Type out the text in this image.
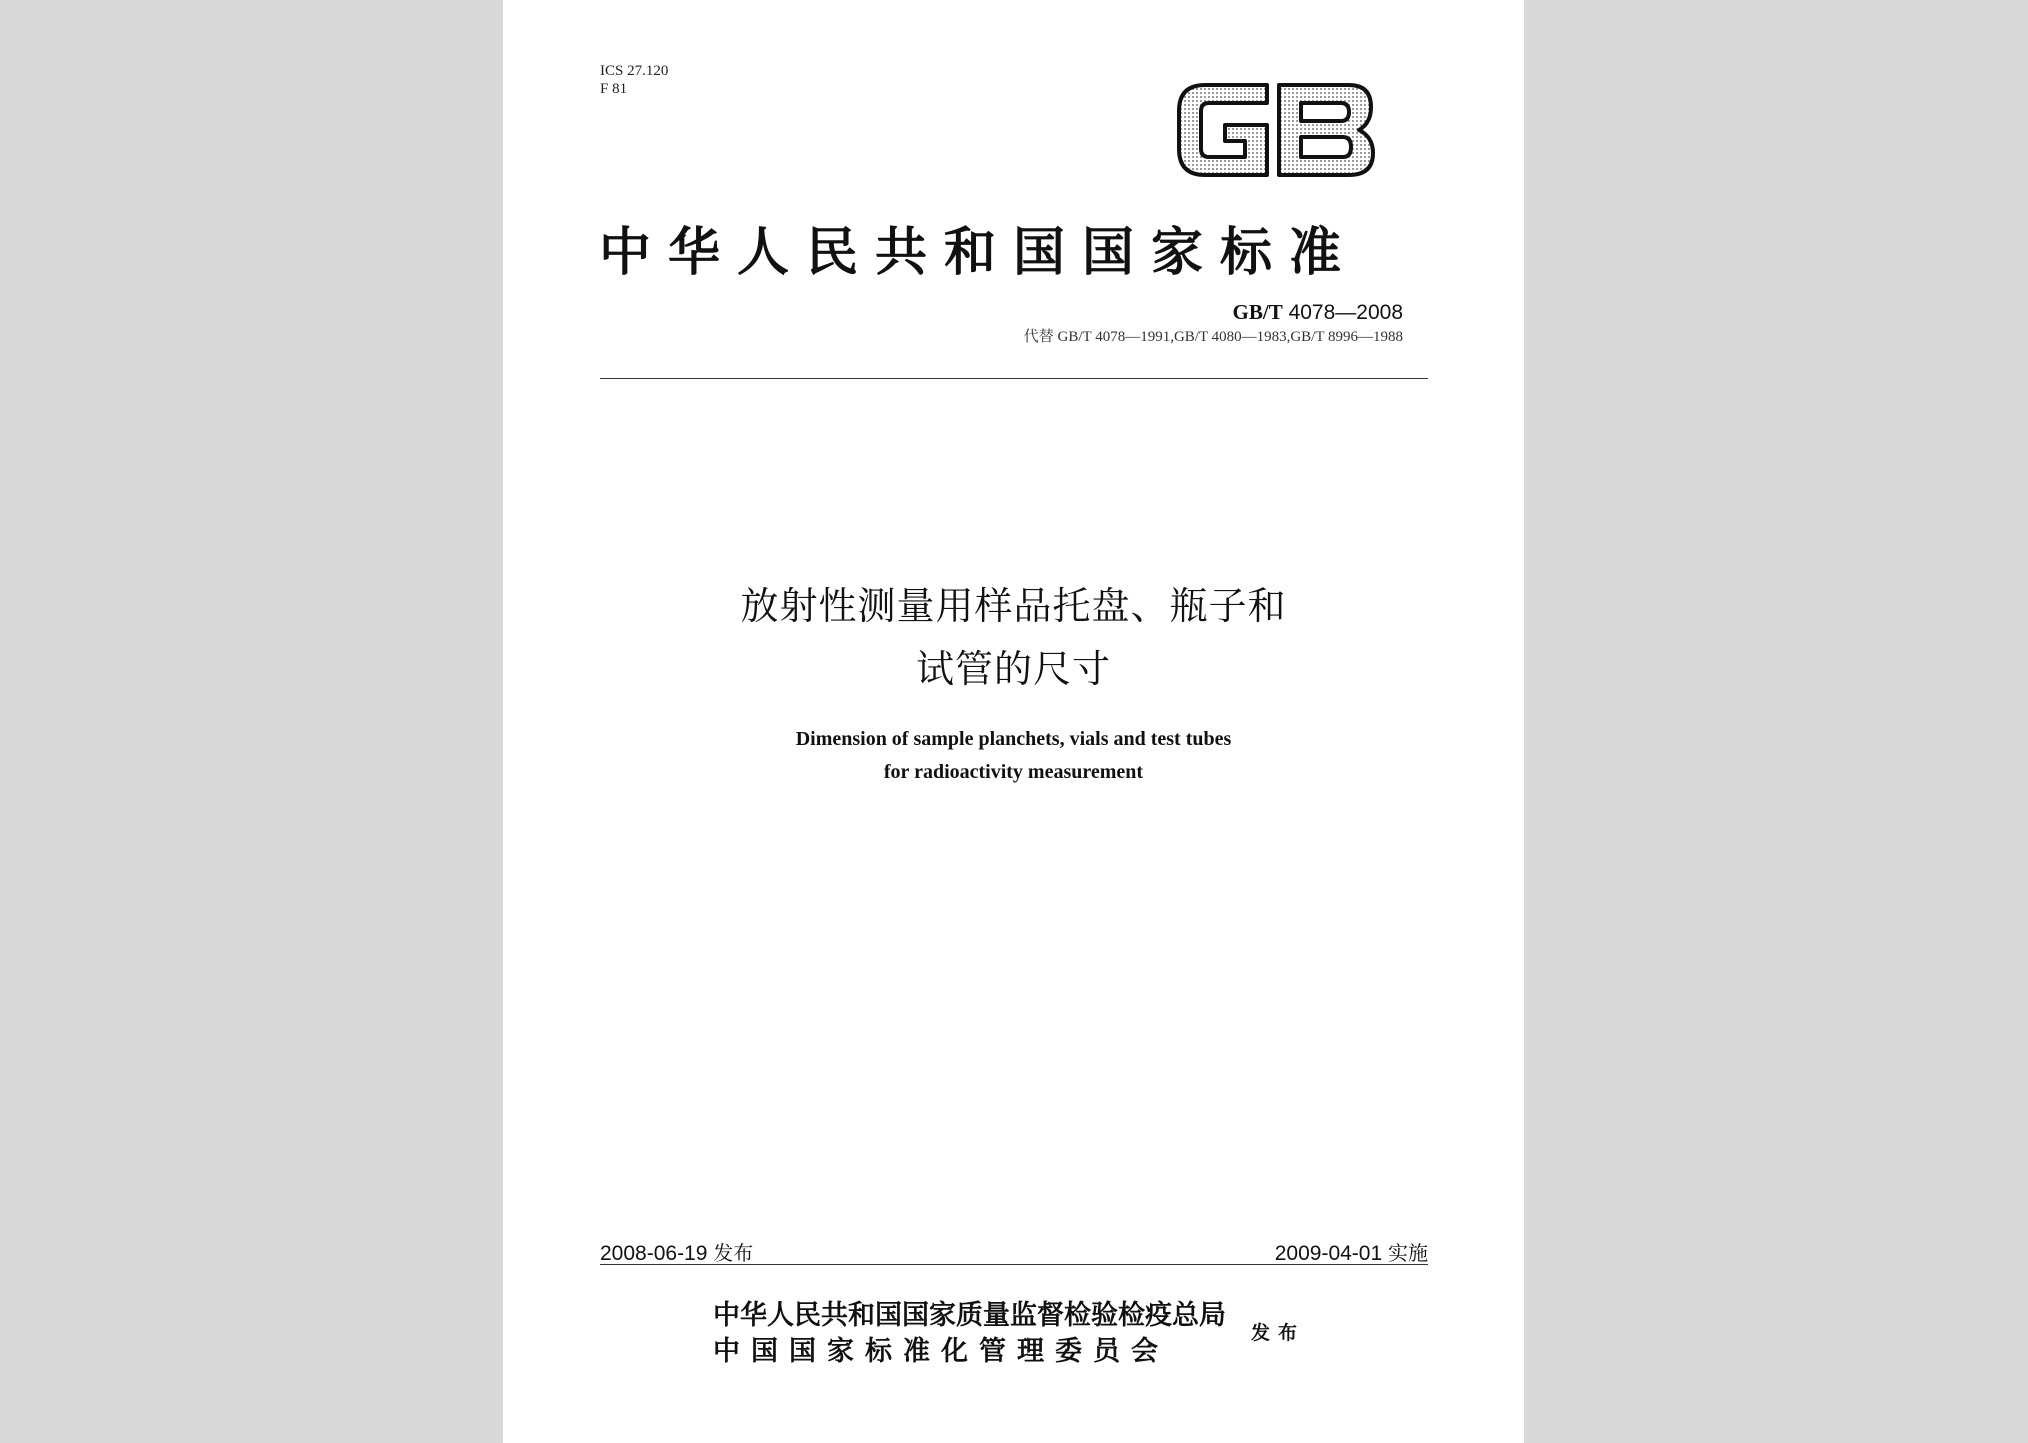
ICS 27.120
F 81
中华人民共和国国家标准
GB/T 4078—2008
代替 GB/T 4078—1991,GB/T 4080—1983,GB/T 8996—1988
放射性测量用样品托盘、瓶子和
试管的尺寸
Dimension of sample planchets, vials and test tubes
for radioactivity measurement
2008-06-19 发布	2009-04-01 实施
中华人民共和国国家质量监督检验检疫总局
中国国家标准化管理委员会
发布
